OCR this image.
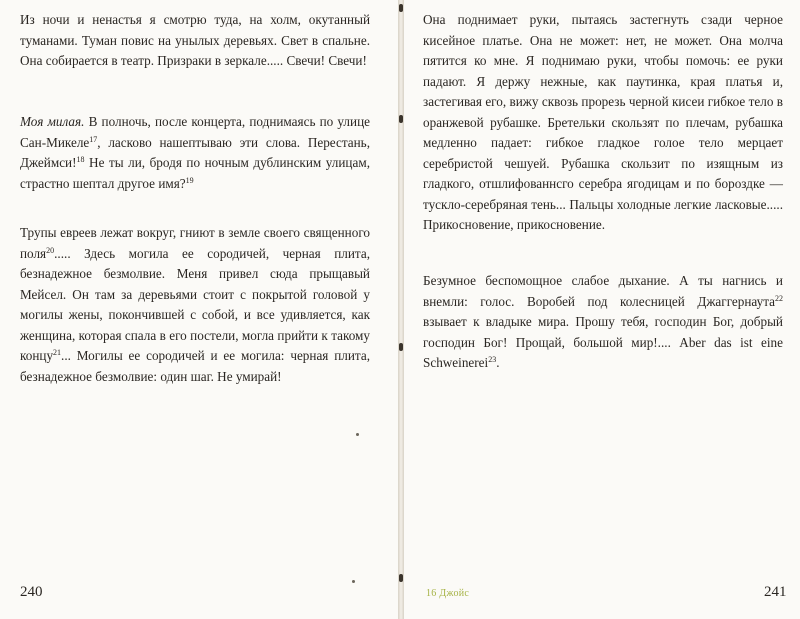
Из ночи и ненастья я смотрю туда, на холм, окутанный туманами. Туман повис на унылых деревьях. Свет в спальне. Она собирается в театр. Призраки в зеркале..... Свечи! Свечи!

Моя милая. В полночь, после концерта, поднимаясь по улице Сан-Микеле$^{17}$, ласково нашептываю эти слова. Перестань, Джеймси!$^{18}$ Не ты ли, бродя по ночным дублинским улицам, страстно шептал другое имя?$^{19}$

Трупы евреев лежат вокруг, гниют в земле своего священного поля$^{20}$..... Здесь могила ее сородичей, черная плита, безнадежное безмолвие. Меня привел сюда прыщавый Мейсел. Он там за деревьями стоит с покрытой головой у могилы жены, покончившей с собой, и все удивляется, как женщина, которая спала в его постели, могла прийти к такому концу$^{21}$... Могилы ее сородичей и ее могила: черная плита, безнадежное безмолвие: один шаг. Не умирай!

240

Она поднимает руки, пытаясь застегнуть сзади черное кисейное платье. Она не может: нет, не может. Она молча пятится ко мне. Я поднимаю руки, чтобы помочь: ее руки падают. Я держу нежные, как паутинка, края платья и, застегивая его, вижу сквозь прорезь черной кисеи гибкое тело в оранжевой рубашке. Бретельки скользят по плечам, рубашка медленно падает: гибкое гладкое голое тело мерцает серебристой чешуей. Рубашка скользит по изящным из гладкого, отшлифованнсго серебра ягодицам и по бороздке — тускло-серебряная тень... Пальцы холодные легкие ласковые..... Прикосновение, прикосновение.

Безумное беспомощное слабое дыхание. А ты нагнись и внемли: голос. Воробей под колесницей Джаггернаута$^{22}$ взывает к владыке мира. Прошу тебя, господин Бог, добрый господин Бог! Прощай, большой мир!.... Aber das ist eine Schweinerei$^{23}$.

16 Джойс	241
